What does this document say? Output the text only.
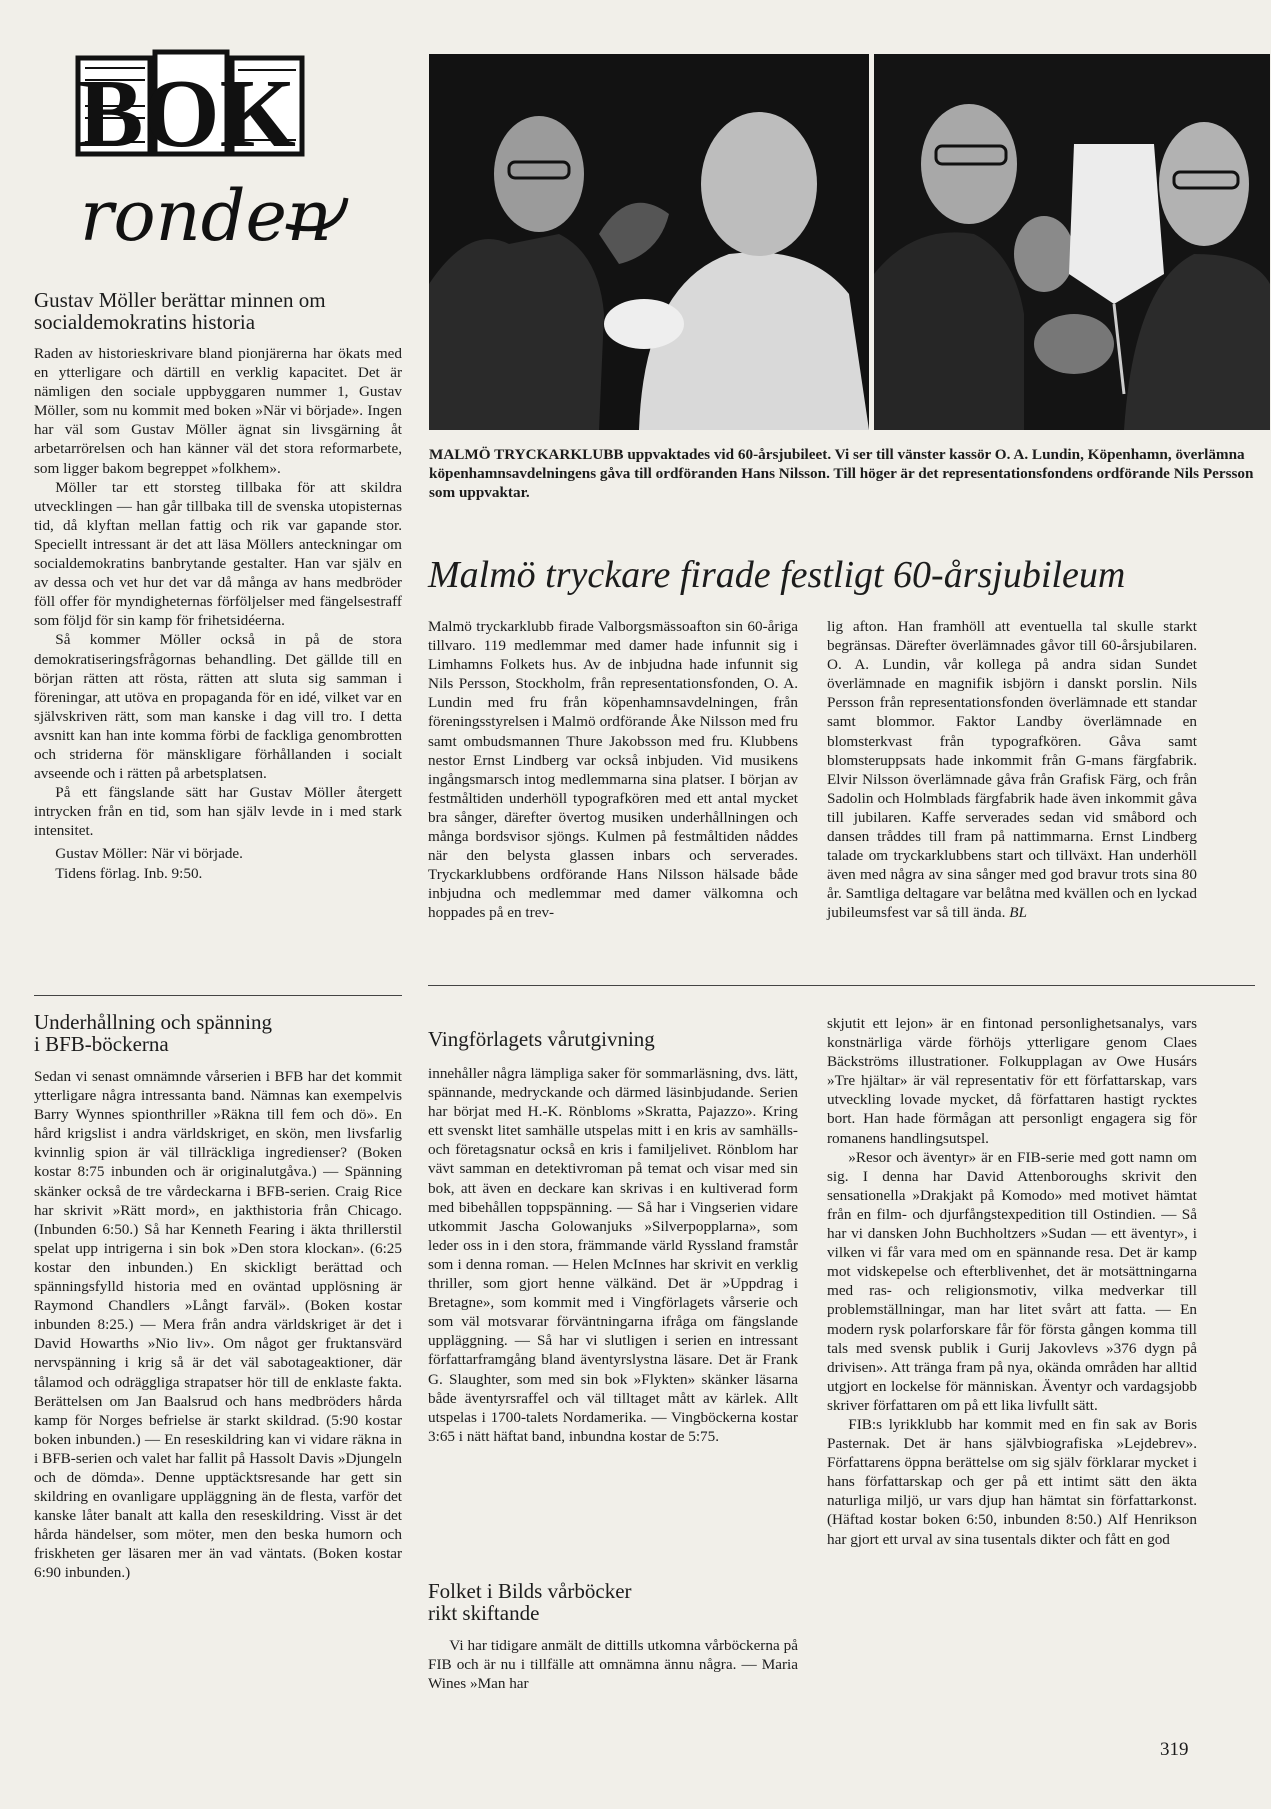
BOK
ronden
Gustav Möller berättar minnen om
socialdemokratins historia

Raden av historieskrivare bland pionjärerna har ökats med en ytterligare och därtill en verklig kapacitet. Det är nämligen den sociale uppbyggaren nummer 1, Gustav Möller, som nu kommit med boken »När vi började». Ingen har väl som Gustav Möller ägnat sin livsgärning åt arbetarrörelsen och han känner väl det stora reformarbete, som ligger bakom begreppet »folkhem».

Möller tar ett storsteg tillbaka för att skildra utvecklingen — han går tillbaka till de svenska utopisternas tid, då klyftan mellan fattig och rik var gapande stor. Speciellt intressant är det att läsa Möllers anteckningar om socialdemokratins banbrytande gestalter. Han var själv en av dessa och vet hur det var då många av hans medbröder föll offer för myndigheternas förföljelser med fängelsestraff som följd för sin kamp för frihetsidéerna.

Så kommer Möller också in på de stora demokratiseringsfrågornas behandling. Det gällde till en början rätten att rösta, rätten att sluta sig samman i föreningar, att utöva en propaganda för en idé, vilket var en självskriven rätt, som man kanske i dag vill tro. I detta avsnitt kan han inte komma förbi de fackliga genombrotten och striderna för mänskligare förhållanden i socialt avseende och i rätten på arbetsplatsen.

På ett fängslande sätt har Gustav Möller återgett intrycken från en tid, som han själv levde in i med stark intensitet.

Gustav Möller: När vi började.

Tidens förlag. Inb. 9:50.

MALMÖ TRYCKARKLUBB uppvaktades vid 60-årsjubileet. Vi ser till vänster kassör O. A. Lundin, Köpenhamn, överlämna köpenhamnsavdelningens gåva till ordföranden Hans Nilsson. Till höger är det representationsfondens ordförande Nils Persson som uppvaktar.
Malmö tryckare firade festligt 60-årsjubileum

Malmö tryckarklubb firade Valborgsmässoafton sin 60-åriga tillvaro. 119 medlemmar med damer hade infunnit sig i Limhamns Folkets hus. Av de inbjudna hade infunnit sig Nils Persson, Stockholm, från representationsfonden, O. A. Lundin med fru från köpenhamnsavdelningen, från föreningsstyrelsen i Malmö ordförande Åke Nilsson med fru samt ombudsmannen Thure Jakobsson med fru. Klubbens nestor Ernst Lindberg var också inbjuden. Vid musikens ingångsmarsch intog medlemmarna sina platser. I början av festmåltiden underhöll typografkören med ett antal mycket bra sånger, därefter övertog musiken underhållningen och många bordsvisor sjöngs. Kulmen på festmåltiden nåddes när den belysta glassen inbars och serverades. Tryckarklubbens ordförande Hans Nilsson hälsade både inbjudna och medlemmar med damer välkomna och hoppades på en trev-

lig afton. Han framhöll att eventuella tal skulle starkt begränsas. Därefter överlämnades gåvor till 60-årsjubilaren. O. A. Lundin, vår kollega på andra sidan Sundet överlämnade en magnifik isbjörn i danskt porslin. Nils Persson från representationsfonden överlämnade ett standar samt blommor. Faktor Landby överlämnade en blomsterkvast från typografkören. Gåva samt blomsteruppsats hade inkommit från G-mans färgfabrik. Elvir Nilsson överlämnade gåva från Grafisk Färg, och från Sadolin och Holmblads färgfabrik hade även inkommit gåva till jubilaren. Kaffe serverades sedan vid småbord och dansen tråddes till fram på nattimmarna. Ernst Lindberg talade om tryckarklubbens start och tillväxt. Han underhöll även med några av sina sånger med god bravur trots sina 80 år. Samtliga deltagare var belåtna med kvällen och en lyckad jubileumsfest var så till ända. BL

Underhållning och spänning
i BFB-böckerna

Sedan vi senast omnämnde vårserien i BFB har det kommit ytterligare några intressanta band. Nämnas kan exempelvis Barry Wynnes spionthriller »Räkna till fem och dö». En hård krigslist i andra världskriget, en skön, men livsfarlig kvinnlig spion är väl tillräckliga ingredienser? (Boken kostar 8:75 inbunden och är originalutgåva.) — Spänning skänker också de tre vårdeckarna i BFB-serien. Craig Rice har skrivit »Rätt mord», en jakthistoria från Chicago. (Inbunden 6:50.) Så har Kenneth Fearing i äkta thrillerstil spelat upp intrigerna i sin bok »Den stora klockan». (6:25 kostar den inbunden.) En skickligt berättad och spänningsfylld historia med en oväntad upplösning är Raymond Chandlers »Långt farväl». (Boken kostar inbunden 8:25.) — Mera från andra världskriget är det i David Howarths »Nio liv». Om något ger fruktansvärd nervspänning i krig så är det väl sabotageaktioner, där tålamod och odräggliga strapatser hör till de enklaste fakta. Berättelsen om Jan Baalsrud och hans medbröders hårda kamp för Norges befrielse är starkt skildrad. (5:90 kostar boken inbunden.) — En reseskildring kan vi vidare räkna in i BFB-serien och valet har fallit på Hassolt Davis »Djungeln och de dömda». Denne upptäcktsresande har gett sin skildring en ovanligare uppläggning än de flesta, varför det kanske låter banalt att kalla den reseskildring. Visst är det hårda händelser, som möter, men den beska humorn och friskheten ger läsaren mer än vad väntats. (Boken kostar 6:90 inbunden.)

Vingförlagets vårutgivning

innehåller några lämpliga saker för sommarläsning, dvs. lätt, spännande, medryckande och därmed läsinbjudande. Serien har börjat med H.-K. Rönbloms »Skratta, Pajazzo». Kring ett svenskt litet samhälle utspelas mitt i en kris av samhälls- och företagsnatur också en kris i familjelivet. Rönblom har vävt samman en detektivroman på temat och visar med sin bok, att även en deckare kan skrivas i en kultiverad form med bibehållen toppspänning. — Så har i Vingserien vidare utkommit Jascha Golowanjuks »Silverpopplarna», som leder oss in i den stora, främmande värld Ryssland framstår som i denna roman. — Helen McInnes har skrivit en verklig thriller, som gjort henne välkänd. Det är »Uppdrag i Bretagne», som kommit med i Vingförlagets vårserie och som väl motsvarar förväntningarna ifråga om fängslande uppläggning. — Så har vi slutligen i serien en intressant författarframgång bland äventyrslystna läsare. Det är Frank G. Slaughter, som med sin bok »Flykten» skänker läsarna både äventyrsraffel och väl tilltaget mått av kärlek. Allt utspelas i 1700-talets Nordamerika. — Vingböckerna kostar 3:65 i nätt häftat band, inbundna kostar de 5:75.

Folket i Bilds vårböcker
rikt skiftande

Vi har tidigare anmält de dittills utkomna vårböckerna på FIB och är nu i tillfälle att omnämna ännu några. — Maria Wines »Man har

skjutit ett lejon» är en fintonad personlighetsanalys, vars konstnärliga värde förhöjs ytterligare genom Claes Bäckströms illustrationer. Folkupplagan av Owe Husárs »Tre hjältar» är väl representativ för ett författarskap, vars utveckling lovade mycket, då författaren hastigt rycktes bort. Han hade förmågan att personligt engagera sig för romanens handlingsutspel.

»Resor och äventyr» är en FIB-serie med gott namn om sig. I denna har David Attenboroughs skrivit den sensationella »Drakjakt på Komodo» med motivet hämtat från en film- och djurfångstexpedition till Ostindien. — Så har vi dansken John Buchholtzers »Sudan — ett äventyr», i vilken vi får vara med om en spännande resa. Det är kamp mot vidskepelse och efterblivenhet, det är motsättningarna med ras- och religionsmotiv, vilka medverkar till problemställningar, man har litet svårt att fatta. — En modern rysk polarforskare får för första gången komma till tals med svensk publik i Gurij Jakovlevs »376 dygn på drivisen». Att tränga fram på nya, okända områden har alltid utgjort en lockelse för människan. Äventyr och vardagsjobb skriver författaren om på ett lika livfullt sätt.

FIB:s lyrikklubb har kommit med en fin sak av Boris Pasternak. Det är hans självbiografiska »Lejdebrev». Författarens öppna berättelse om sig själv förklarar mycket i hans författarskap och ger på ett intimt sätt den äkta naturliga miljö, ur vars djup han hämtat sin författarkonst. (Häftad kostar boken 6:50, inbunden 8:50.) Alf Henrikson har gjort ett urval av sina tusentals dikter och fått en god

319
